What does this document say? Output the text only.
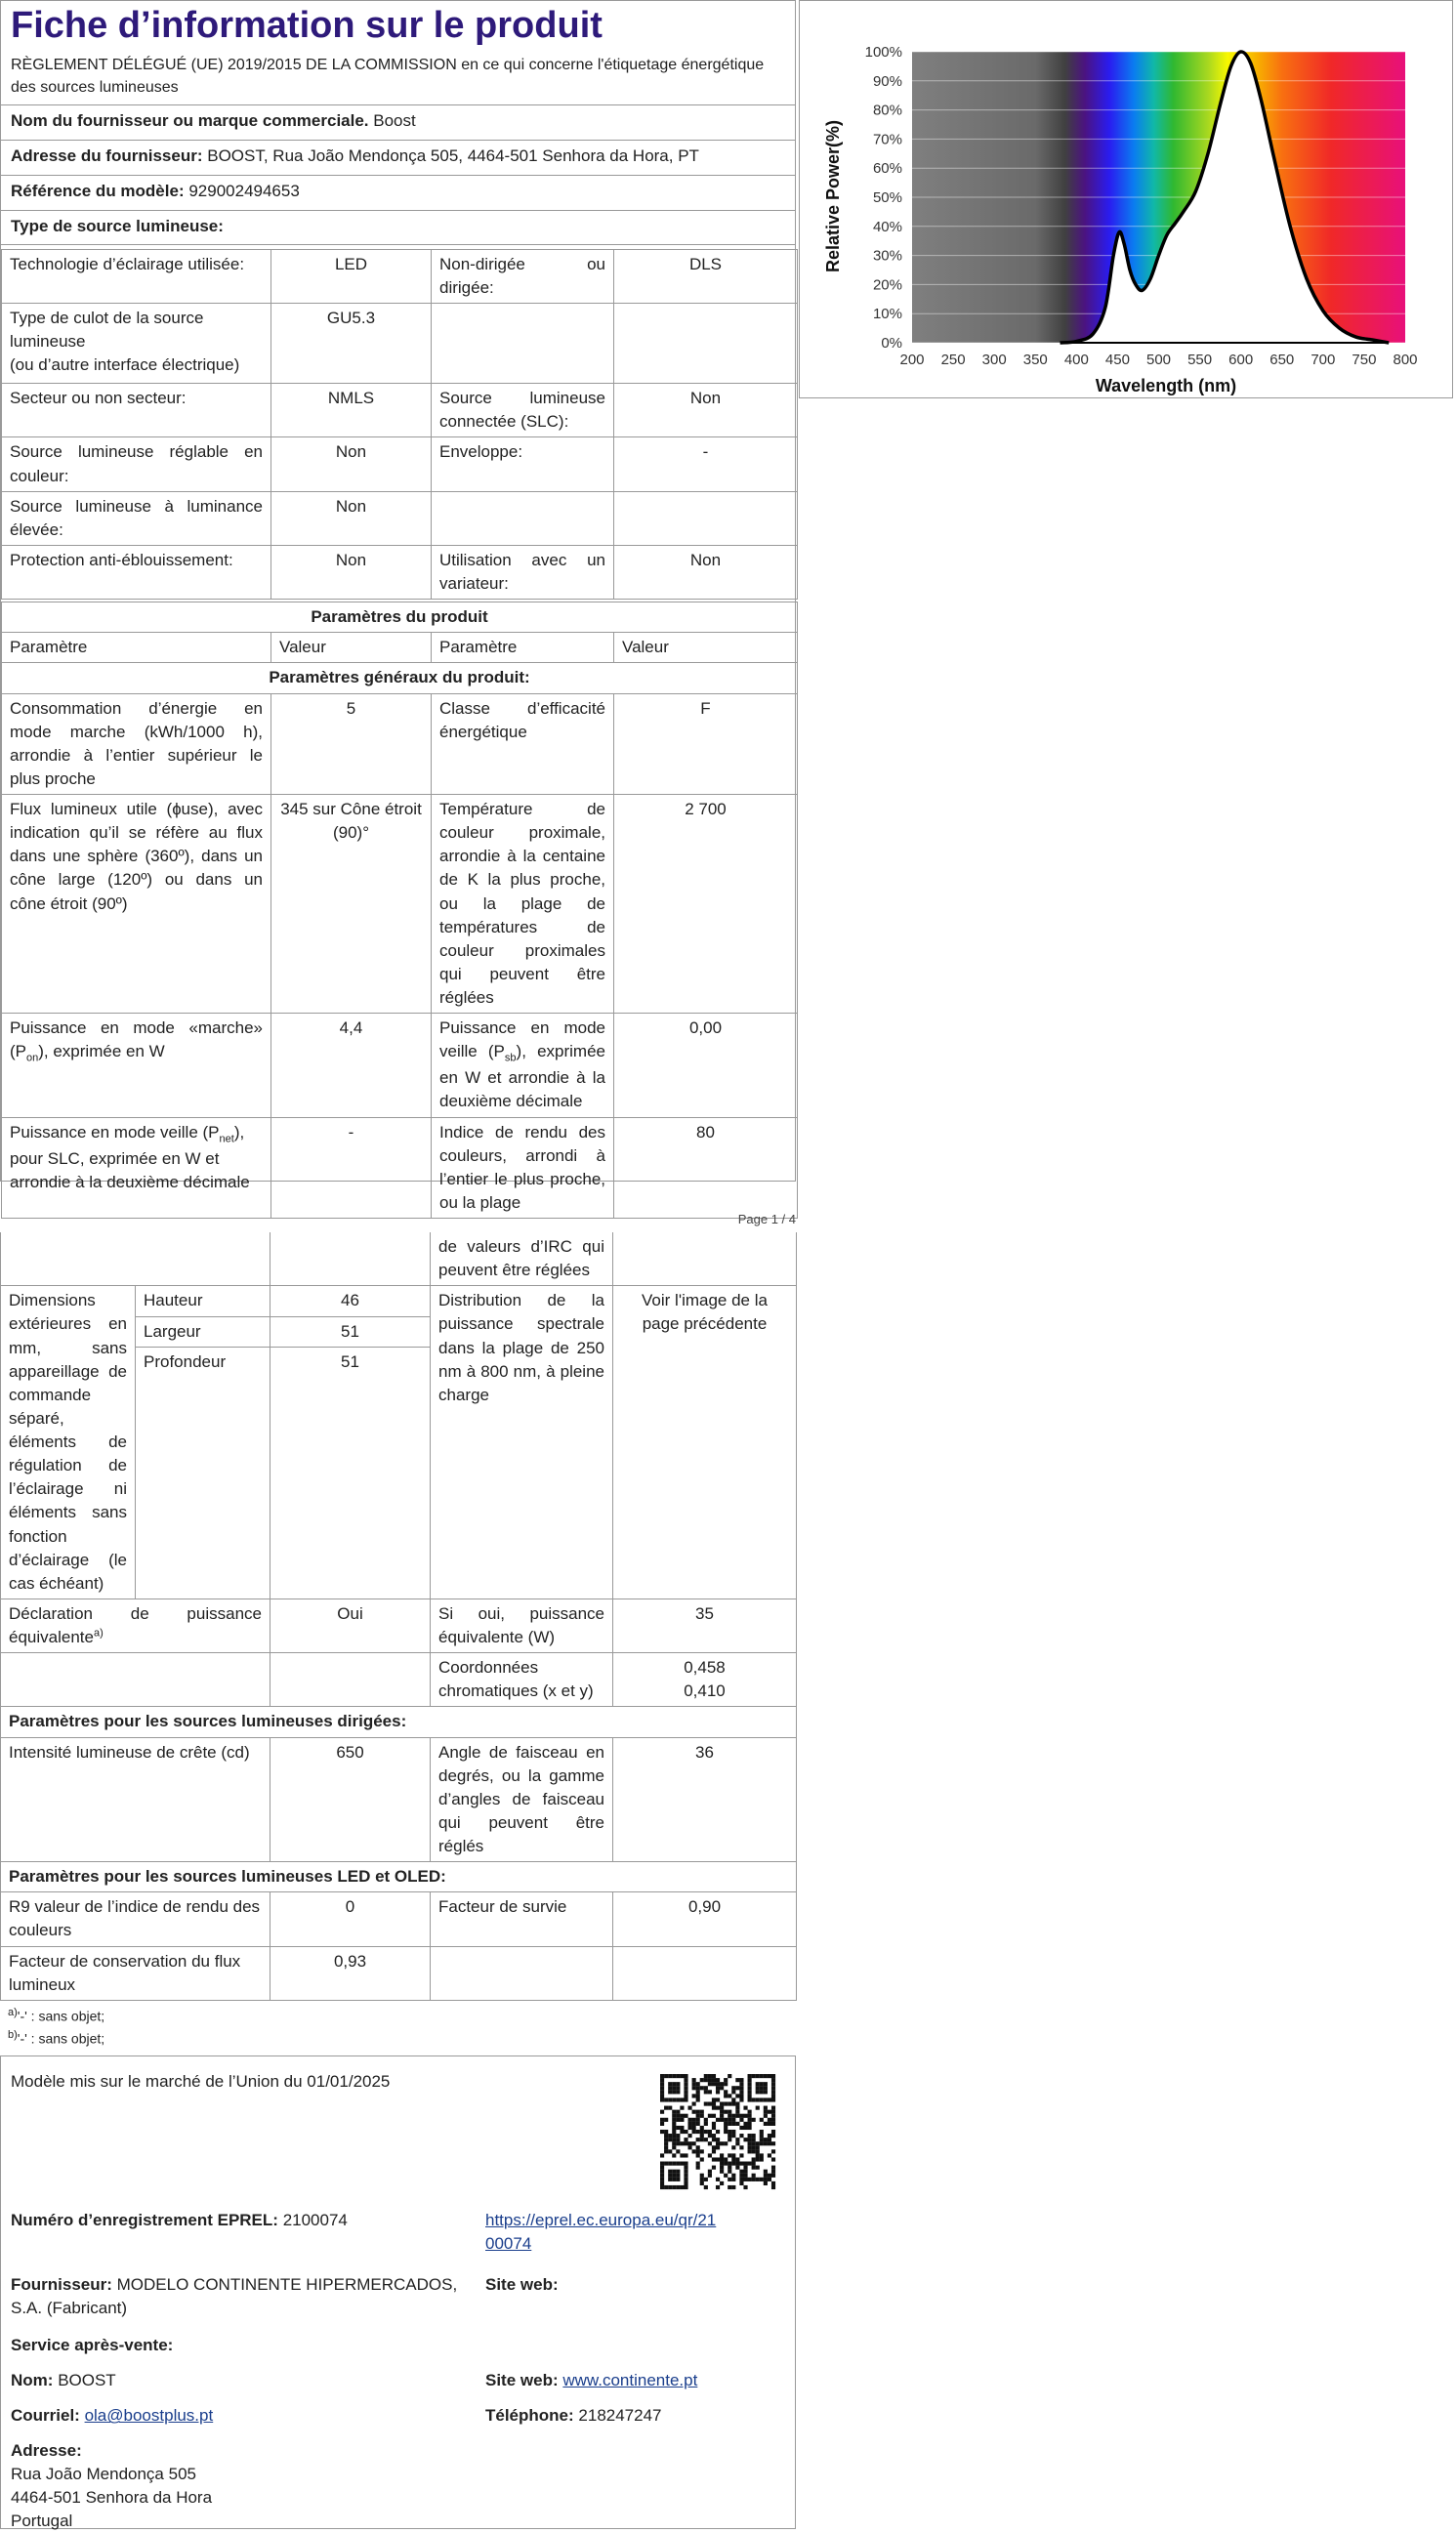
Fiche d’information sur le produit
RÈGLEMENT DÉLÉGUÉ (UE) 2019/2015 DE LA COMMISSION en ce qui concerne l'étiquetage énergétique des sources lumineuses
Nom du fournisseur ou marque commerciale. Boost
Adresse du fournisseur: BOOST, Rua João Mendonça 505, 4464-501 Senhora da Hora, PT
Référence du modèle: 929002494653
Type de source lumineuse:
Technologie d’éclairage utilisée:	LED	Non-dirigée ou dirigée:	DLS

Type de culot de la source lumineuse
(ou d’autre interface électrique)	GU5.3		
Secteur ou non secteur:	NMLS	Source lumineuse connectée (SLC):	Non
Source lumineuse réglable en couleur:	Non	Enveloppe:	-
Source lumineuse à luminance élevée:	Non		
Protection anti-éblouissement:	Non	Utilisation avec un variateur:	Non
Paramètres du produit			
Paramètre	Valeur	Paramètre	Valeur
Paramètres généraux du produit:			
Consommation d’énergie en mode marche (kWh/1000 h), arrondie à l’entier supérieur le plus proche	5	Classe d’efficacité énergétique	F
Flux lumineux utile (ɸuse), avec indication qu’il se réfère au flux dans une sphère (360º), dans un cône large (120º) ou dans un cône étroit (90º)	345 sur Cône étroit (90)°	Température de couleur proximale, arrondie à la centaine de K la plus proche, ou la plage de températures de couleur proximales qui peuvent être réglées	2 700
Puissance en mode «marche» $(P_{on})$, exprimée en W	4,4	Puissance en mode veille $(P_{sb})$, exprimée en W et arrondie à la deuxième décimale	0,00
Puissance en mode veille $(P_{net})$, pour SLC, exprimée en W et arrondie à la deuxième décimale	-	Indice de rendu des couleurs, arrondi à l’entier le plus proche, ou la plage	80
Page 1 / 4
0%
10%
20%
30%
40%
50%
60%
70%
80%
90%
100%
200 250 300 350 400 450 500 550 600 650 700 750 800
Wavelength (nm)
Relative Power(%)
			de valeurs d’IRC qui peuvent être réglées	
Dimensions extérieures en mm, sans appareillage de commande séparé, éléments de régulation de l’éclairage ni éléments sans fonction d’éclairage (le cas échéant)	Hauteur	46	Distribution de la puissance spectrale dans la plage de 250 nm à 800 nm, à pleine charge	Voir l'image de la page précédente
	Largeur	51		
	Profondeur	51		
Déclaration de puissance équivalente$^{a)}$		Oui	Si oui, puissance équivalente (W)	35
			Coordonnées chromatiques (x et y)	0,458
0,410

Paramètres pour les sources lumineuses dirigées:				
Intensité lumineuse de crête (cd)		650	Angle de faisceau en degrés, ou la gamme d’angles de faisceau qui peuvent être réglés	36
Paramètres pour les sources lumineuses LED et OLED:				
R9 valeur de l’indice de rendu des couleurs		0	Facteur de survie	0,90
Facteur de conservation du flux lumineux		0,93		
$^{a)}$'-' : sans objet;
$^{b)}$'-' : sans objet;
Modèle mis sur le marché de l’Union du 01/01/2025
Numéro d’enregistrement EPREL: 2100074	https://eprel.ec.europa.eu/qr/21
00074
Fournisseur: MODELO CONTINENTE HIPERMERCADOS, S.A. (Fabricant)
Site web:
Service après-vente:
Nom: BOOST	Site web: www.continente.pt
Courriel: ola@boostplus.pt	Téléphone: 218247247
Adresse:
Rua João Mendonça 505
4464-501 Senhora da Hora
Portugal
